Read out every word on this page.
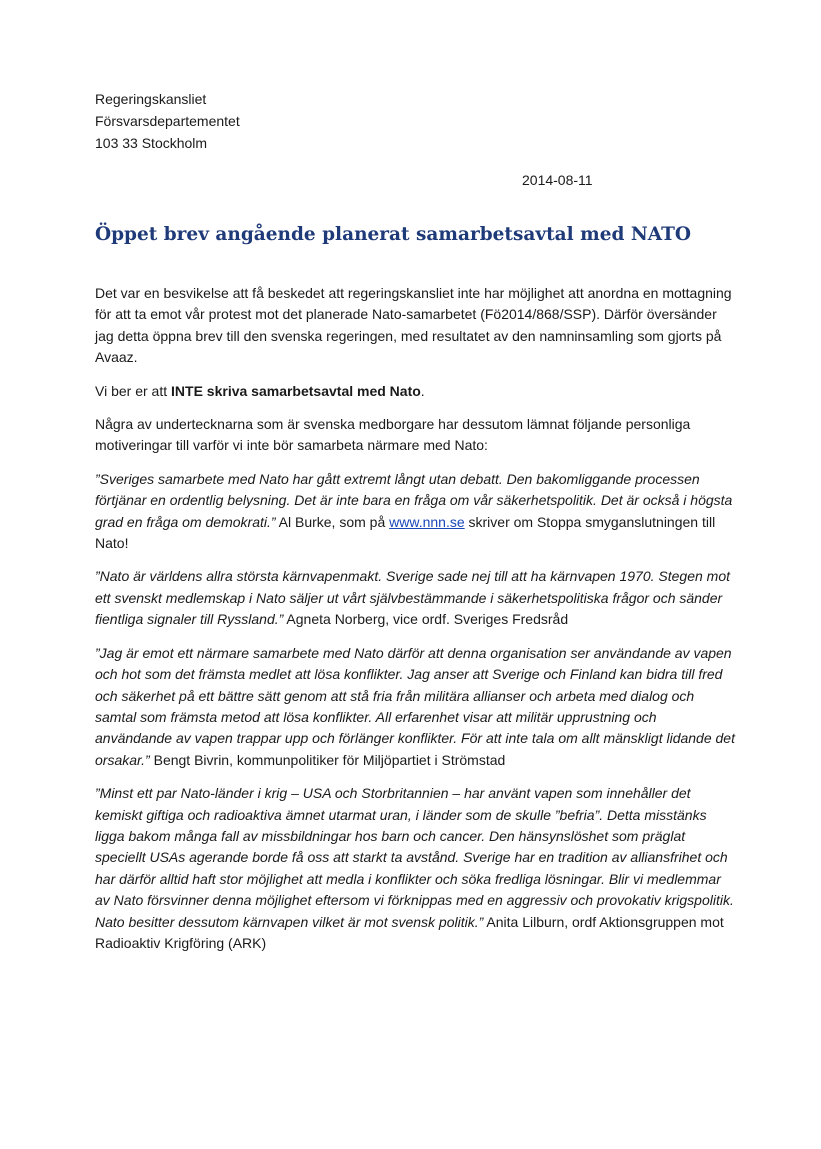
Regeringskansliet
Försvarsdepartementet
103 33 Stockholm
2014-08-11
Öppet brev angående planerat samarbetsavtal med NATO

Det var en besvikelse att få beskedet att regeringskansliet inte har möjlighet att anordna en mottagning för att ta emot vår protest mot det planerade Nato-samarbetet (Fö2014/868/SSP). Därför översänder jag detta öppna brev till den svenska regeringen, med resultatet av den namninsamling som gjorts på Avaaz.

Vi ber er att INTE skriva samarbetsavtal med Nato.

Några av undertecknarna som är svenska medborgare har dessutom lämnat följande personliga motiveringar till varför vi inte bör samarbeta närmare med Nato:

”Sveriges samarbete med Nato har gått extremt långt utan debatt. Den bakomliggande processen förtjänar en ordentlig belysning. Det är inte bara en fråga om vår säkerhetspolitik. Det är också i högsta grad en fråga om demokrati.” Al Burke, som på www.nnn.se skriver om Stoppa smyganslutningen till Nato!

”Nato är världens allra största kärnvapenmakt. Sverige sade nej till att ha kärnvapen 1970. Stegen mot ett svenskt medlemskap i Nato säljer ut vårt självbestämmande i säkerhetspolitiska frågor och sänder fientliga signaler till Ryssland.” Agneta Norberg, vice ordf. Sveriges Fredsråd

”Jag är emot ett närmare samarbete med Nato därför att denna organisation ser användande av vapen och hot som det främsta medlet att lösa konflikter. Jag anser att Sverige och Finland kan bidra till fred och säkerhet på ett bättre sätt genom att stå fria från militära allianser och arbeta med dialog och samtal som främsta metod att lösa konflikter. All erfarenhet visar att militär upprustning och användande av vapen trappar upp och förlänger konflikter. För att inte tala om allt mänskligt lidande det orsakar.” Bengt Bivrin, kommunpolitiker för Miljöpartiet i Strömstad

”Minst ett par Nato-länder i krig – USA och Storbritannien – har använt vapen som innehåller det kemiskt giftiga och radioaktiva ämnet utarmat uran, i länder som de skulle ”befria”. Detta misstänks ligga bakom många fall av missbildningar hos barn och cancer. Den hänsynslöshet som präglat speciellt USAs agerande borde få oss att starkt ta avstånd. Sverige har en tradition av alliansfrihet och har därför alltid haft stor möjlighet att medla i konflikter och söka fredliga lösningar. Blir vi medlemmar av Nato försvinner denna möjlighet eftersom vi förknippas med en aggressiv och provokativ krigspolitik. Nato besitter dessutom kärnvapen vilket är mot svensk politik.” Anita Lilburn, ordf Aktionsgruppen mot Radioaktiv Krigföring (ARK)
